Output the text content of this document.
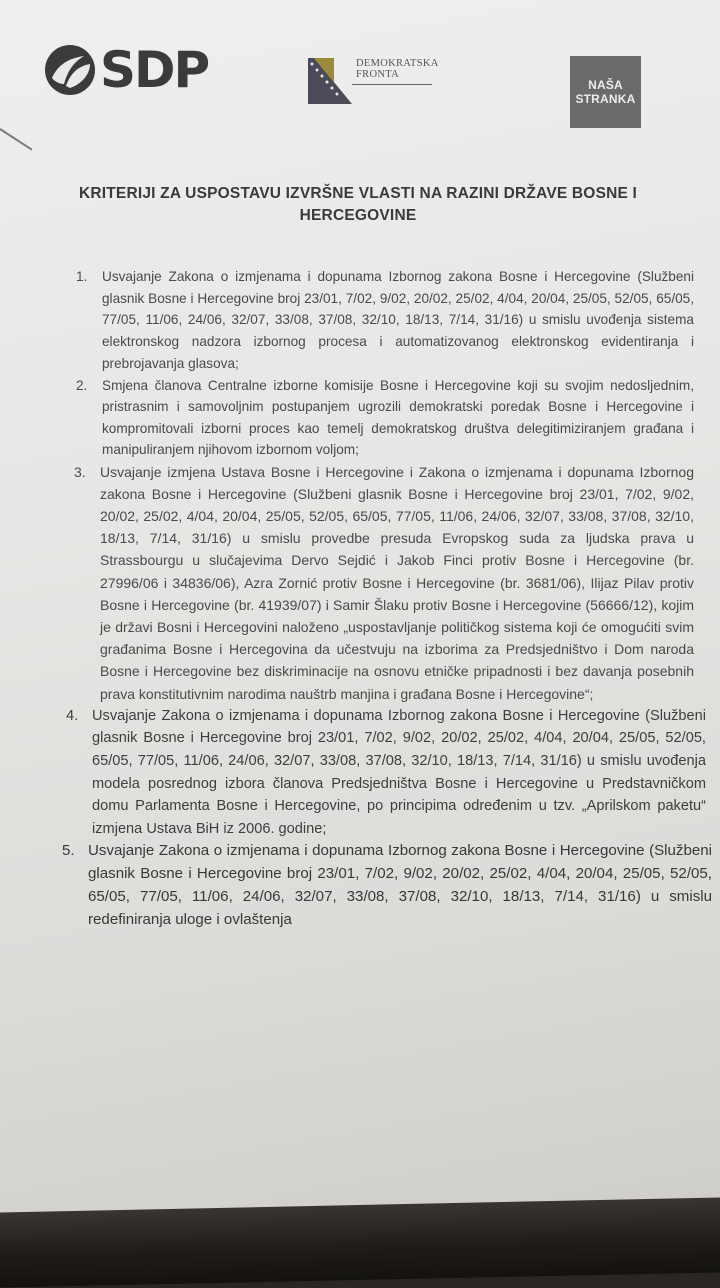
SDP	DEMOKRATSKA
FRONTA
NAŠA
STRANKA
KRITERIJI ZA USPOSTAVU IZVRŠNE VLASTI NA RAZINI DRŽAVE BOSNE I HERCEGOVINE
1. Usvajanje Zakona o izmjenama i dopunama Izbornog zakona Bosne i Hercegovine (Službeni glasnik Bosne i Hercegovine broj 23/01, 7/02, 9/02, 20/02, 25/02, 4/04, 20/04, 25/05, 52/05, 65/05, 77/05, 11/06, 24/06, 32/07, 33/08, 37/08, 32/10, 18/13, 7/14, 31/16) u smislu uvođenja sistema elektronskog nadzora izbornog procesa i automatizovanog elektronskog evidentiranja i prebrojavanja glasova;
2. Smjena članova Centralne izborne komisije Bosne i Hercegovine koji su svojim nedosljednim, pristrasnim i samovoljnim postupanjem ugrozili demokratski poredak Bosne i Hercegovine i kompromitovali izborni proces kao temelj demokratskog društva delegitimiziranjem građana i manipuliranjem njihovom izbornom voljom;
3. Usvajanje izmjena Ustava Bosne i Hercegovine i Zakona o izmjenama i dopunama Izbornog zakona Bosne i Hercegovine (Službeni glasnik Bosne i Hercegovine broj 23/01, 7/02, 9/02, 20/02, 25/02, 4/04, 20/04, 25/05, 52/05, 65/05, 77/05, 11/06, 24/06, 32/07, 33/08, 37/08, 32/10, 18/13, 7/14, 31/16) u smislu provedbe presuda Evropskog suda za ljudska prava u Strassbourgu u slučajevima Dervo Sejdić i Jakob Finci protiv Bosne i Hercegovine (br. 27996/06 i 34836/06), Azra Zornić protiv Bosne i Hercegovine (br. 3681/06), Ilijaz Pilav protiv Bosne i Hercegovine (br. 41939/07) i Samir Šlaku protiv Bosne i Hercegovine (56666/12), kojim je državi Bosni i Hercegovini naloženo „uspostavljanje političkog sistema koji će omogućiti svim građanima Bosne i Hercegovina da učestvuju na izborima za Predsjedništvo i Dom naroda Bosne i Hercegovine bez diskriminacije na osnovu etničke pripadnosti i bez davanja posebnih prava konstitutivnim narodima nauštrb manjina i građana Bosne i Hercegovine“;
4. Usvajanje Zakona o izmjenama i dopunama Izbornog zakona Bosne i Hercegovine (Službeni glasnik Bosne i Hercegovine broj 23/01, 7/02, 9/02, 20/02, 25/02, 4/04, 20/04, 25/05, 52/05, 65/05, 77/05, 11/06, 24/06, 32/07, 33/08, 37/08, 32/10, 18/13, 7/14, 31/16) u smislu uvođenja modela posrednog izbora članova Predsjedništva Bosne i Hercegovine u Predstavničkom domu Parlamenta Bosne i Hercegovine, po principima određenim u tzv. „Aprilskom paketu“ izmjena Ustava BiH iz 2006. godine;
5. Usvajanje Zakona o izmjenama i dopunama Izbornog zakona Bosne i Hercegovine (Službeni glasnik Bosne i Hercegovine broj 23/01, 7/02, 9/02, 20/02, 25/02, 4/04, 20/04, 25/05, 52/05, 65/05, 77/05, 11/06, 24/06, 32/07, 33/08, 37/08, 32/10, 18/13, 7/14, 31/16) u smislu redefiniranja uloge i ovlaštenja
